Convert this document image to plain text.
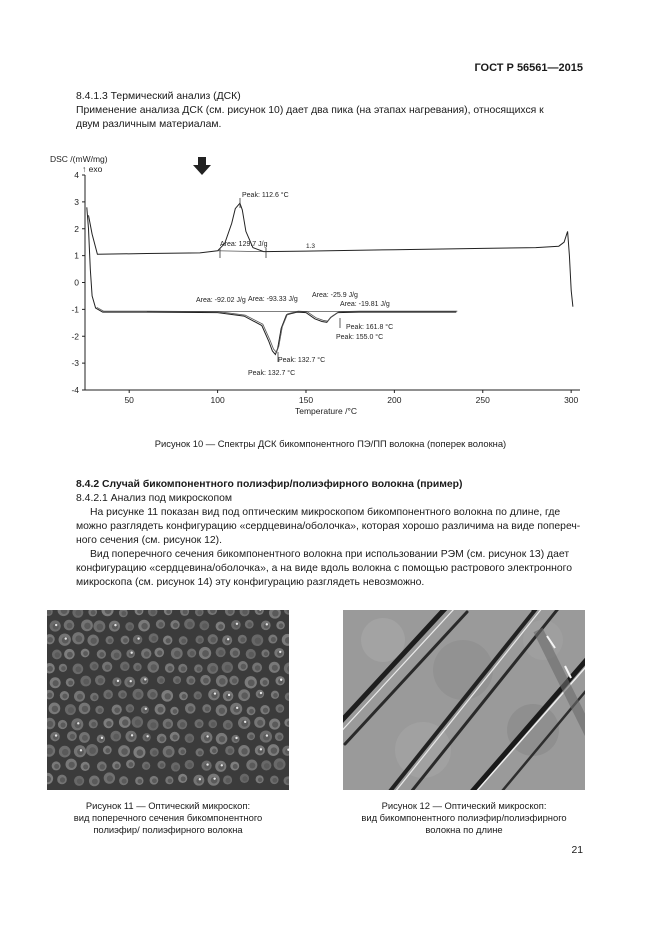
ГОСТ Р 56561—2015
8.4.1.3 Термический анализ (ДСК)
Применение анализа ДСК (см. рисунок 10) дает два пика (на этапах нагревания), относящихся к
двум различным материалам.
DSC /(mW/mg)
↑ exo
4
3
2
1
0
-1
-2
-3
-4
50	100	150	200	250	300
Temperature /°C
Peak: 112.6 °C
Area: 129.7 J/g	1.3
Area: -92.02 J/g Area: -93.33 J/g
Area: -25.9 J/g
Area: -19.81 J/g
Peak: 161.8 °C
Peak: 155.0 °C
Peak: 132.7 °C
Peak: 132.7 °C
Рисунок 10 — Спектры ДСК бикомпонентного ПЭ/ПП волокна (поперек волокна)
8.4.2 Случай бикомпонентного полиэфир/полиэфирного волокна (пример)
8.4.2.1 Анализ под микроскопом
На рисунке 11 показан вид под оптическим микроскопом бикомпонентного волокна по длине, где
можно разглядеть конфигурацию «сердцевина/оболочка», которая хорошо различима на виде попереч-
ного сечения (см. рисунок 12).
Вид поперечного сечения бикомпонентного волокна при использовании РЭМ (см. рисунок 13) дает
конфигурацию «сердцевина/оболочка», а на виде вдоль волокна с помощью растрового электронного
микроскопа (см. рисунок 14) эту конфигурацию разглядеть невозможно.
Рисунок 11 — Оптический микроскоп:
вид поперечного сечения бикомпонентного
полиэфир/ полиэфирного волокна
Рисунок 12 — Оптический микроскоп:
вид бикомпонентного полиэфир/полиэфирного
волокна по длине
21
